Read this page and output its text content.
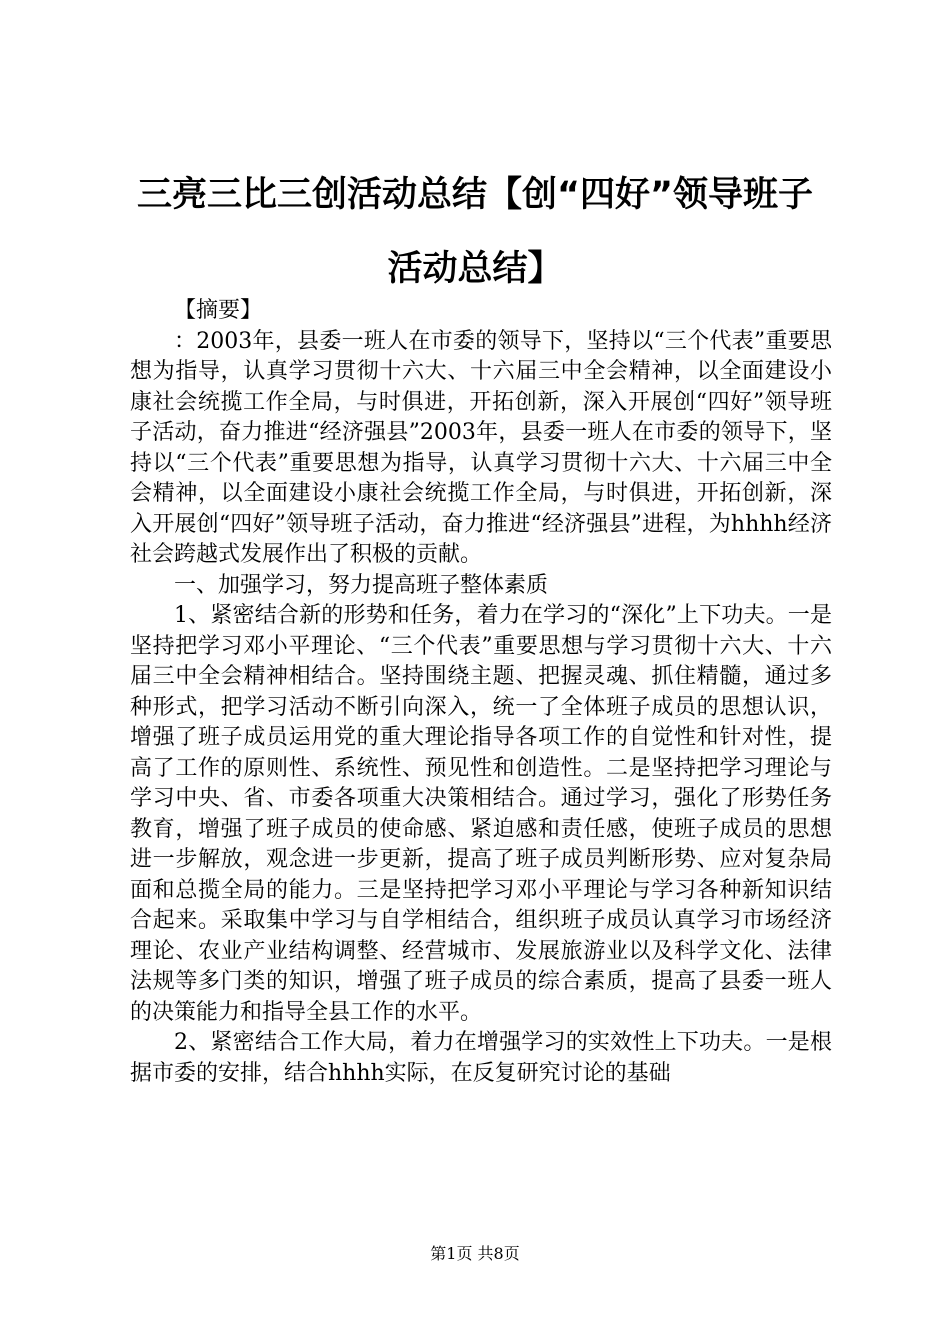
三亮三比三创活动总结【创“四好”领导班子
活动总结】

【摘要】

：2003年，县委一班人在市委的领导下，坚持以“三个代表”重要思想为指导，认真学习贯彻十六大、十六届三中全会精神，以全面建设小康社会统揽工作全局，与时俱进，开拓创新，深入开展创“四好”领导班子活动，奋力推进“经济强县”2003年，县委一班人在市委的领导下，坚持以“三个代表”重要思想为指导，认真学习贯彻十六大、十六届三中全会精神，以全面建设小康社会统揽工作全局，与时俱进，开拓创新，深入开展创“四好”领导班子活动，奋力推进“经济强县”进程，为hhhh经济社会跨越式发展作出了积极的贡献。

一、加强学习，努力提高班子整体素质

1、紧密结合新的形势和任务，着力在学习的“深化”上下功夫。一是坚持把学习邓小平理论、“三个代表”重要思想与学习贯彻十六大、十六届三中全会精神相结合。坚持围绕主题、把握灵魂、抓住精髓，通过多种形式，把学习活动不断引向深入，统一了全体班子成员的思想认识，增强了班子成员运用党的重大理论指导各项工作的自觉性和针对性，提高了工作的原则性、系统性、预见性和创造性。二是坚持把学习理论与学习中央、省、市委各项重大决策相结合。通过学习，强化了形势任务教育，增强了班子成员的使命感、紧迫感和责任感，使班子成员的思想进一步解放，观念进一步更新，提高了班子成员判断形势、应对复杂局面和总揽全局的能力。三是坚持把学习邓小平理论与学习各种新知识结合起来。采取集中学习与自学相结合，组织班子成员认真学习市场经济理论、农业产业结构调整、经营城市、发展旅游业以及科学文化、法律法规等多门类的知识，增强了班子成员的综合素质，提高了县委一班人的决策能力和指导全县工作的水平。

2、紧密结合工作大局，着力在增强学习的实效性上下功夫。一是根据市委的安排，结合hhhh实际，在反复研究讨论的基础

第1页 共8页
